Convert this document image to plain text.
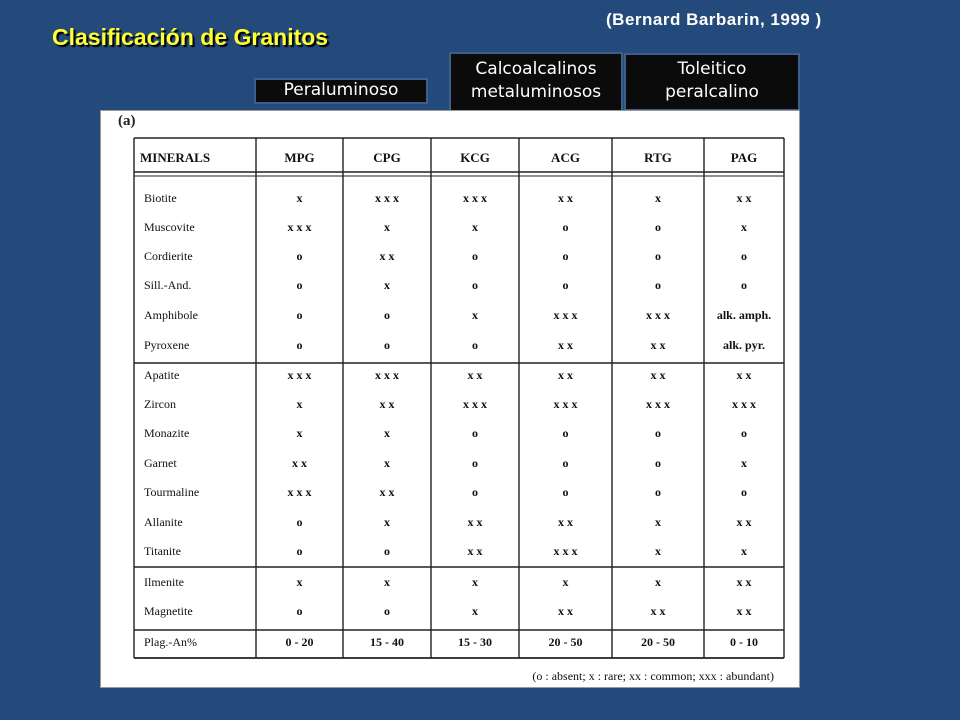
Clasificación de Granitos
(Bernard Barbarin, 1999 )
Peraluminoso
Calcoalcalinos
metaluminosos
Toleitico
peralcalino
(a)
MINERALS	MPG	CPG	KCG	ACG	RTG	PAG
Biotite	x	x x x	x x x	x x	x	x x
Muscovite	x x x	x	x	o	o	x
Cordierite	o	x x	o	o	o	o
Sill.-And.	o	x	o	o	o	o
Amphibole	o	o	x	x x x	x x x	alk. amph.
Pyroxene	o	o	o	x x	x x	alk. pyr.
Apatite	x x x	x x x	x x	x x	x x	x x
Zircon	x	x x	x x x	x x x	x x x	x x x
Monazite	x	x	o	o	o	o
Garnet	x x	x	o	o	o	x
Tourmaline	x x x	x x	o	o	o	o
Allanite	o	x	x x	x x	x	x x
Titanite	o	o	x x	x x x	x	x
Ilmenite	x	x	x	x	x	x x
Magnetite	o	o	x	x x	x x	x x
Plag.-An%	0 - 20	15 - 40	15 - 30	20 - 50	20 - 50	0 - 10
(o : absent; x : rare; xx : common; xxx : abundant)
